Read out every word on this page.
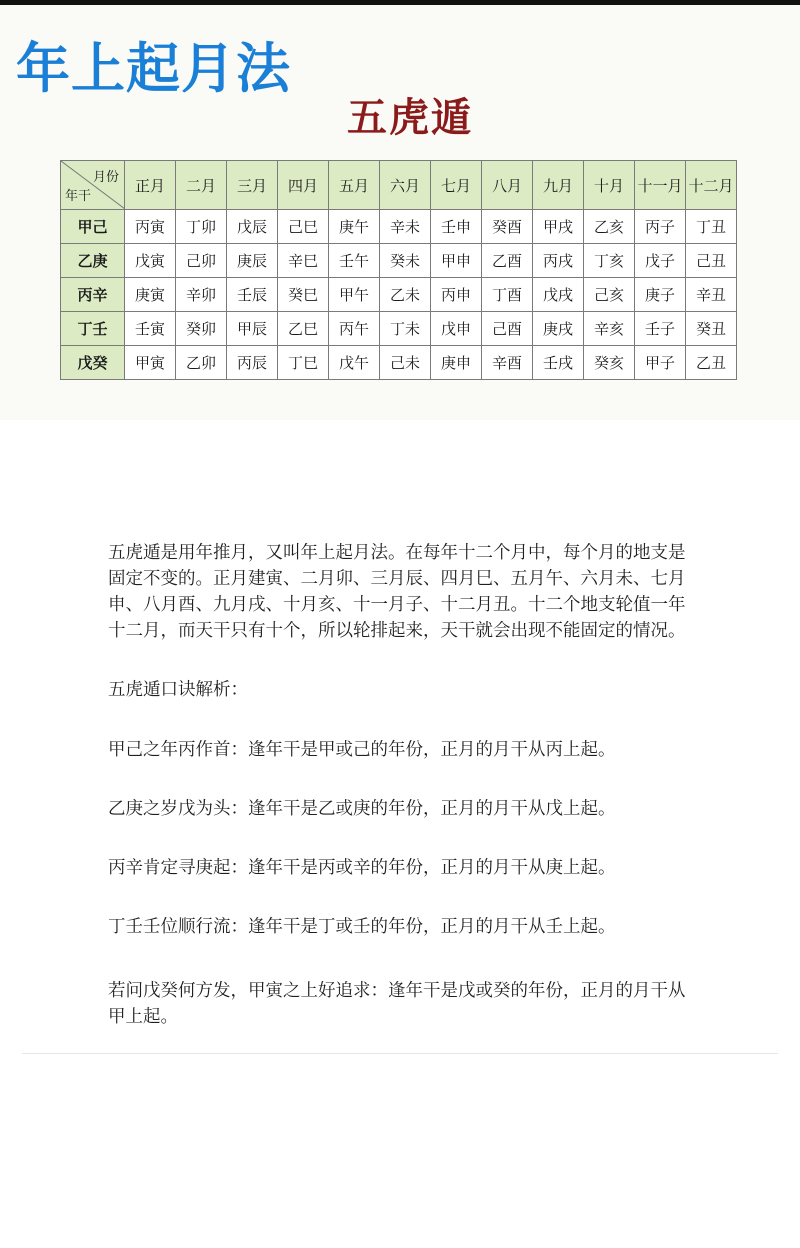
年上起月法
五虎遁
月份
年干	正月	二月	三月	四月	五月	六月	七月	八月	九月	十月	十一月	十二月
甲己	丙寅	丁卯	戊辰	己巳	庚午	辛未	壬申	癸酉	甲戌	乙亥	丙子	丁丑
乙庚	戊寅	己卯	庚辰	辛巳	壬午	癸未	甲申	乙酉	丙戌	丁亥	戊子	己丑
丙辛	庚寅	辛卯	壬辰	癸巳	甲午	乙未	丙申	丁酉	戊戌	己亥	庚子	辛丑
丁壬	壬寅	癸卯	甲辰	乙巳	丙午	丁未	戊申	己酉	庚戌	辛亥	壬子	癸丑
戊癸	甲寅	乙卯	丙辰	丁巳	戊午	己未	庚申	辛酉	壬戌	癸亥	甲子	乙丑

五虎遁是用年推月，又叫年上起月法。在每年十二个月中，每个月的地支是

固定不变的。正月建寅、二月卯、三月辰、四月巳、五月午、六月未、七月

申、八月酉、九月戌、十月亥、十一月子、十二月丑。十二个地支轮值一年

十二月，而天干只有十个，所以轮排起来，天干就会出现不能固定的情况。

五虎遁口诀解析：

甲己之年丙作首：逢年干是甲或己的年份，正月的月干从丙上起。

乙庚之岁戊为头：逢年干是乙或庚的年份，正月的月干从戊上起。

丙辛肯定寻庚起：逢年干是丙或辛的年份，正月的月干从庚上起。

丁壬壬位顺行流：逢年干是丁或壬的年份，正月的月干从壬上起。

若问戊癸何方发，甲寅之上好追求：逢年干是戊或癸的年份，正月的月干从

甲上起。
